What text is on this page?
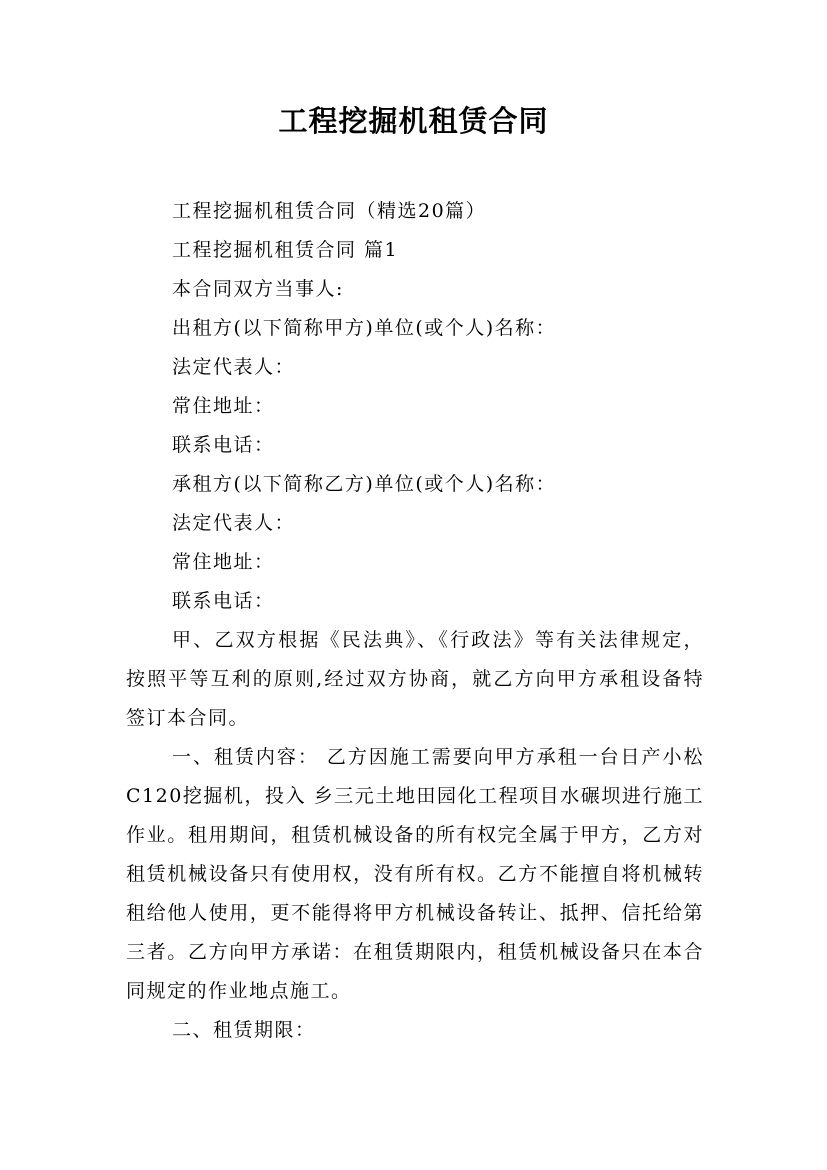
工程挖掘机租赁合同

工程挖掘机租赁合同（精选20篇）

工程挖掘机租赁合同 篇1

本合同双方当事人:

出租方(以下简称甲方)单位(或个人)名称：

法定代表人：

常住地址：

联系电话：

承租方(以下简称乙方)单位(或个人)名称：

法定代表人：

常住地址：

联系电话：

甲、乙双方根据《民法典》、《行政法》等有关法律规定，按照平等互利的原则,经过双方协商，就乙方向甲方承租设备特签订本合同。

一、租赁内容： 乙方因施工需要向甲方承租一台日产小松C120挖掘机，投入 乡三元土地田园化工程项目水碾坝进行施工作业。租用期间，租赁机械设备的所有权完全属于甲方，乙方对租赁机械设备只有使用权，没有所有权。乙方不能擅自将机械转租给他人使用，更不能得将甲方机械设备转让、抵押、信托给第三者。乙方向甲方承诺：在租赁期限内，租赁机械设备只在本合同规定的作业地点施工。

二、租赁期限：
